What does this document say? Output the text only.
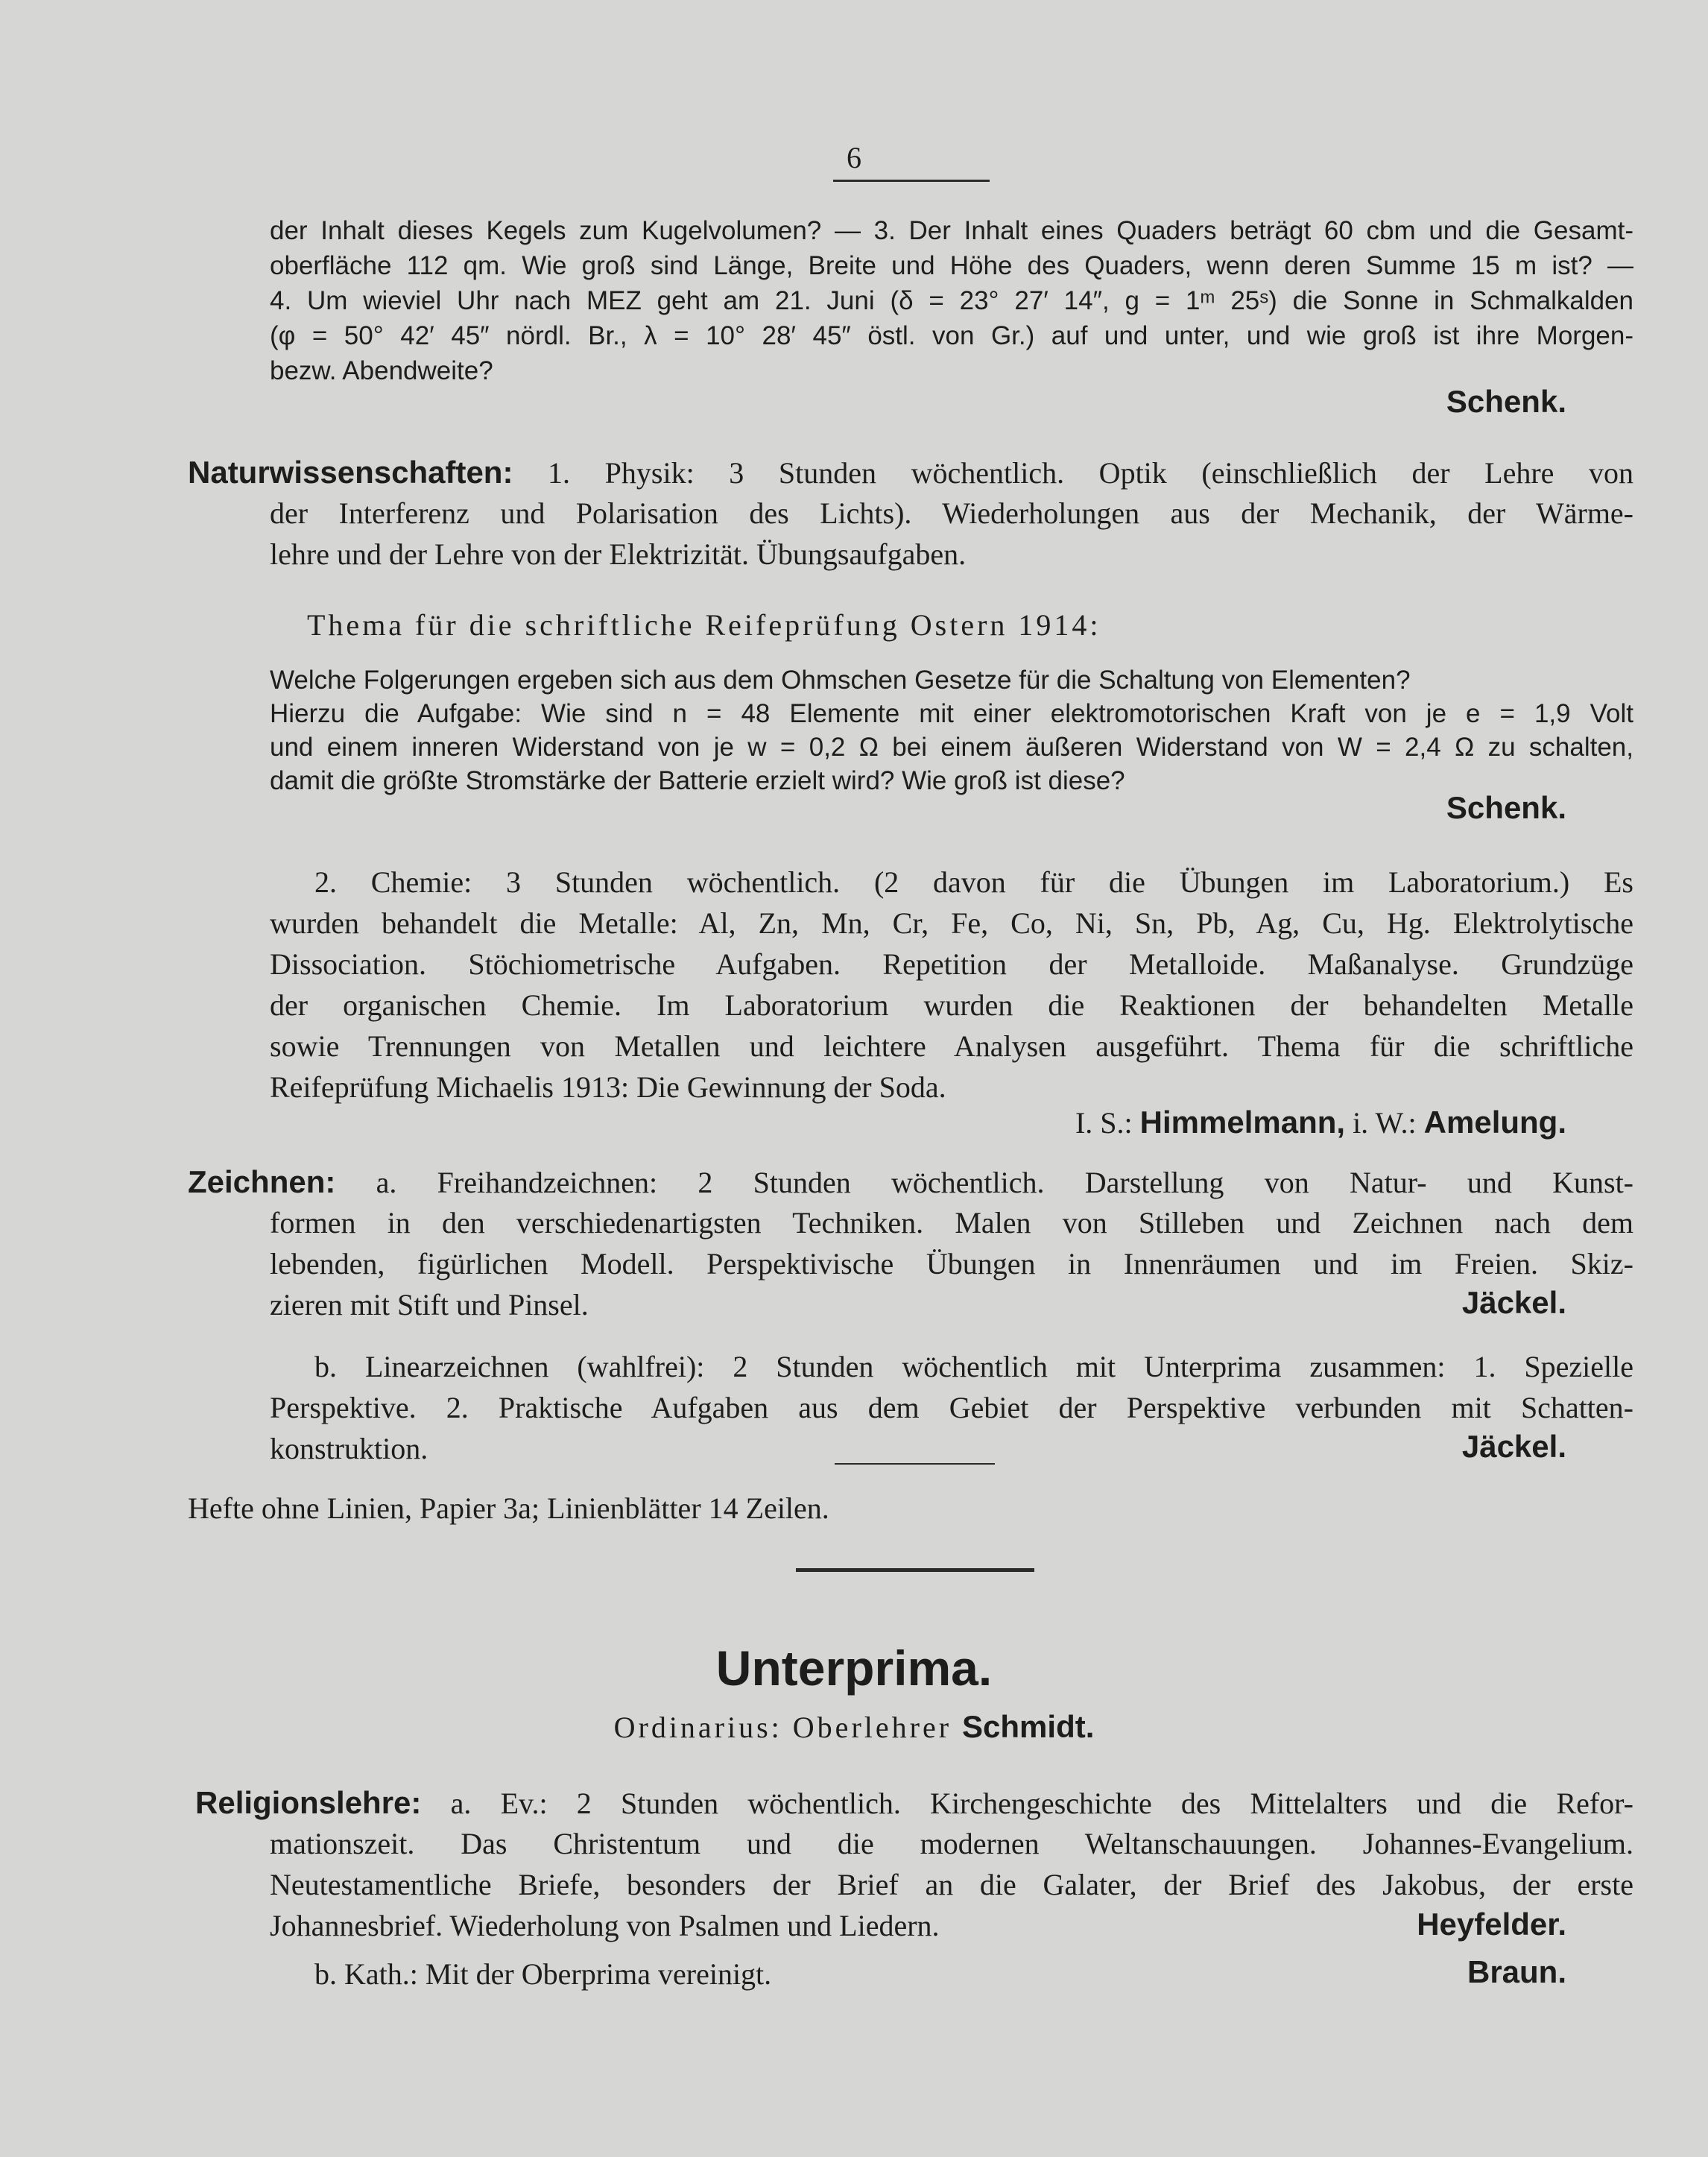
6
der Inhalt dieses Kegels zum Kugelvolumen? — 3. Der Inhalt eines Quaders beträgt 60 cbm und die Gesamt-
oberfläche 112 qm. Wie groß sind Länge, Breite und Höhe des Quaders, wenn deren Summe 15 m ist? —
4. Um wieviel Uhr nach MEZ geht am 21. Juni (δ = 23° 27′ 14″, g = 1ᵐ 25ˢ) die Sonne in Schmalkalden
(φ = 50° 42′ 45″ nördl. Br., λ = 10° 28′ 45″ östl. von Gr.) auf und unter, und wie groß ist ihre Morgen-
bezw. Abendweite?
Schenk.
Naturwissenschaften: 1. Physik: 3 Stunden wöchentlich. Optik (einschließlich der Lehre von
der Interferenz und Polarisation des Lichts). Wiederholungen aus der Mechanik, der Wärme-
lehre und der Lehre von der Elektrizität. Übungsaufgaben.
Thema für die schriftliche Reifeprüfung Ostern 1914:
Welche Folgerungen ergeben sich aus dem Ohmschen Gesetze für die Schaltung von Elementen?
Hierzu die Aufgabe: Wie sind n = 48 Elemente mit einer elektromotorischen Kraft von je e = 1,9 Volt
und einem inneren Widerstand von je w = 0,2 Ω bei einem äußeren Widerstand von W = 2,4 Ω zu schalten,
damit die größte Stromstärke der Batterie erzielt wird? Wie groß ist diese?
Schenk.
2. Chemie: 3 Stunden wöchentlich. (2 davon für die Übungen im Laboratorium.) Es
wurden behandelt die Metalle: Al, Zn, Mn, Cr, Fe, Co, Ni, Sn, Pb, Ag, Cu, Hg. Elektrolytische
Dissociation. Stöchiometrische Aufgaben. Repetition der Metalloide. Maßanalyse. Grundzüge
der organischen Chemie. Im Laboratorium wurden die Reaktionen der behandelten Metalle
sowie Trennungen von Metallen und leichtere Analysen ausgeführt. Thema für die schriftliche
Reifeprüfung Michaelis 1913: Die Gewinnung der Soda.
I. S.: Himmelmann, i. W.: Amelung.
Zeichnen: a. Freihandzeichnen: 2 Stunden wöchentlich. Darstellung von Natur- und Kunst-
formen in den verschiedenartigsten Techniken. Malen von Stilleben und Zeichnen nach dem
lebenden, figürlichen Modell. Perspektivische Übungen in Innenräumen und im Freien. Skiz-
zieren mit Stift und Pinsel.	Jäckel.
b. Linearzeichnen (wahlfrei): 2 Stunden wöchentlich mit Unterprima zusammen: 1. Spezielle
Perspektive. 2. Praktische Aufgaben aus dem Gebiet der Perspektive verbunden mit Schatten-
konstruktion.	Jäckel.
Hefte ohne Linien, Papier 3a; Linienblätter 14 Zeilen.
Unterprima.
Ordinarius: Oberlehrer Schmidt.
Religionslehre: a. Ev.: 2 Stunden wöchentlich. Kirchengeschichte des Mittelalters und die Refor-
mationszeit. Das Christentum und die modernen Weltanschauungen. Johannes-Evangelium.
Neutestamentliche Briefe, besonders der Brief an die Galater, der Brief des Jakobus, der erste
Johannesbrief. Wiederholung von Psalmen und Liedern.
b. Kath.: Mit der Oberprima vereinigt.
Heyfelder.
Braun.
